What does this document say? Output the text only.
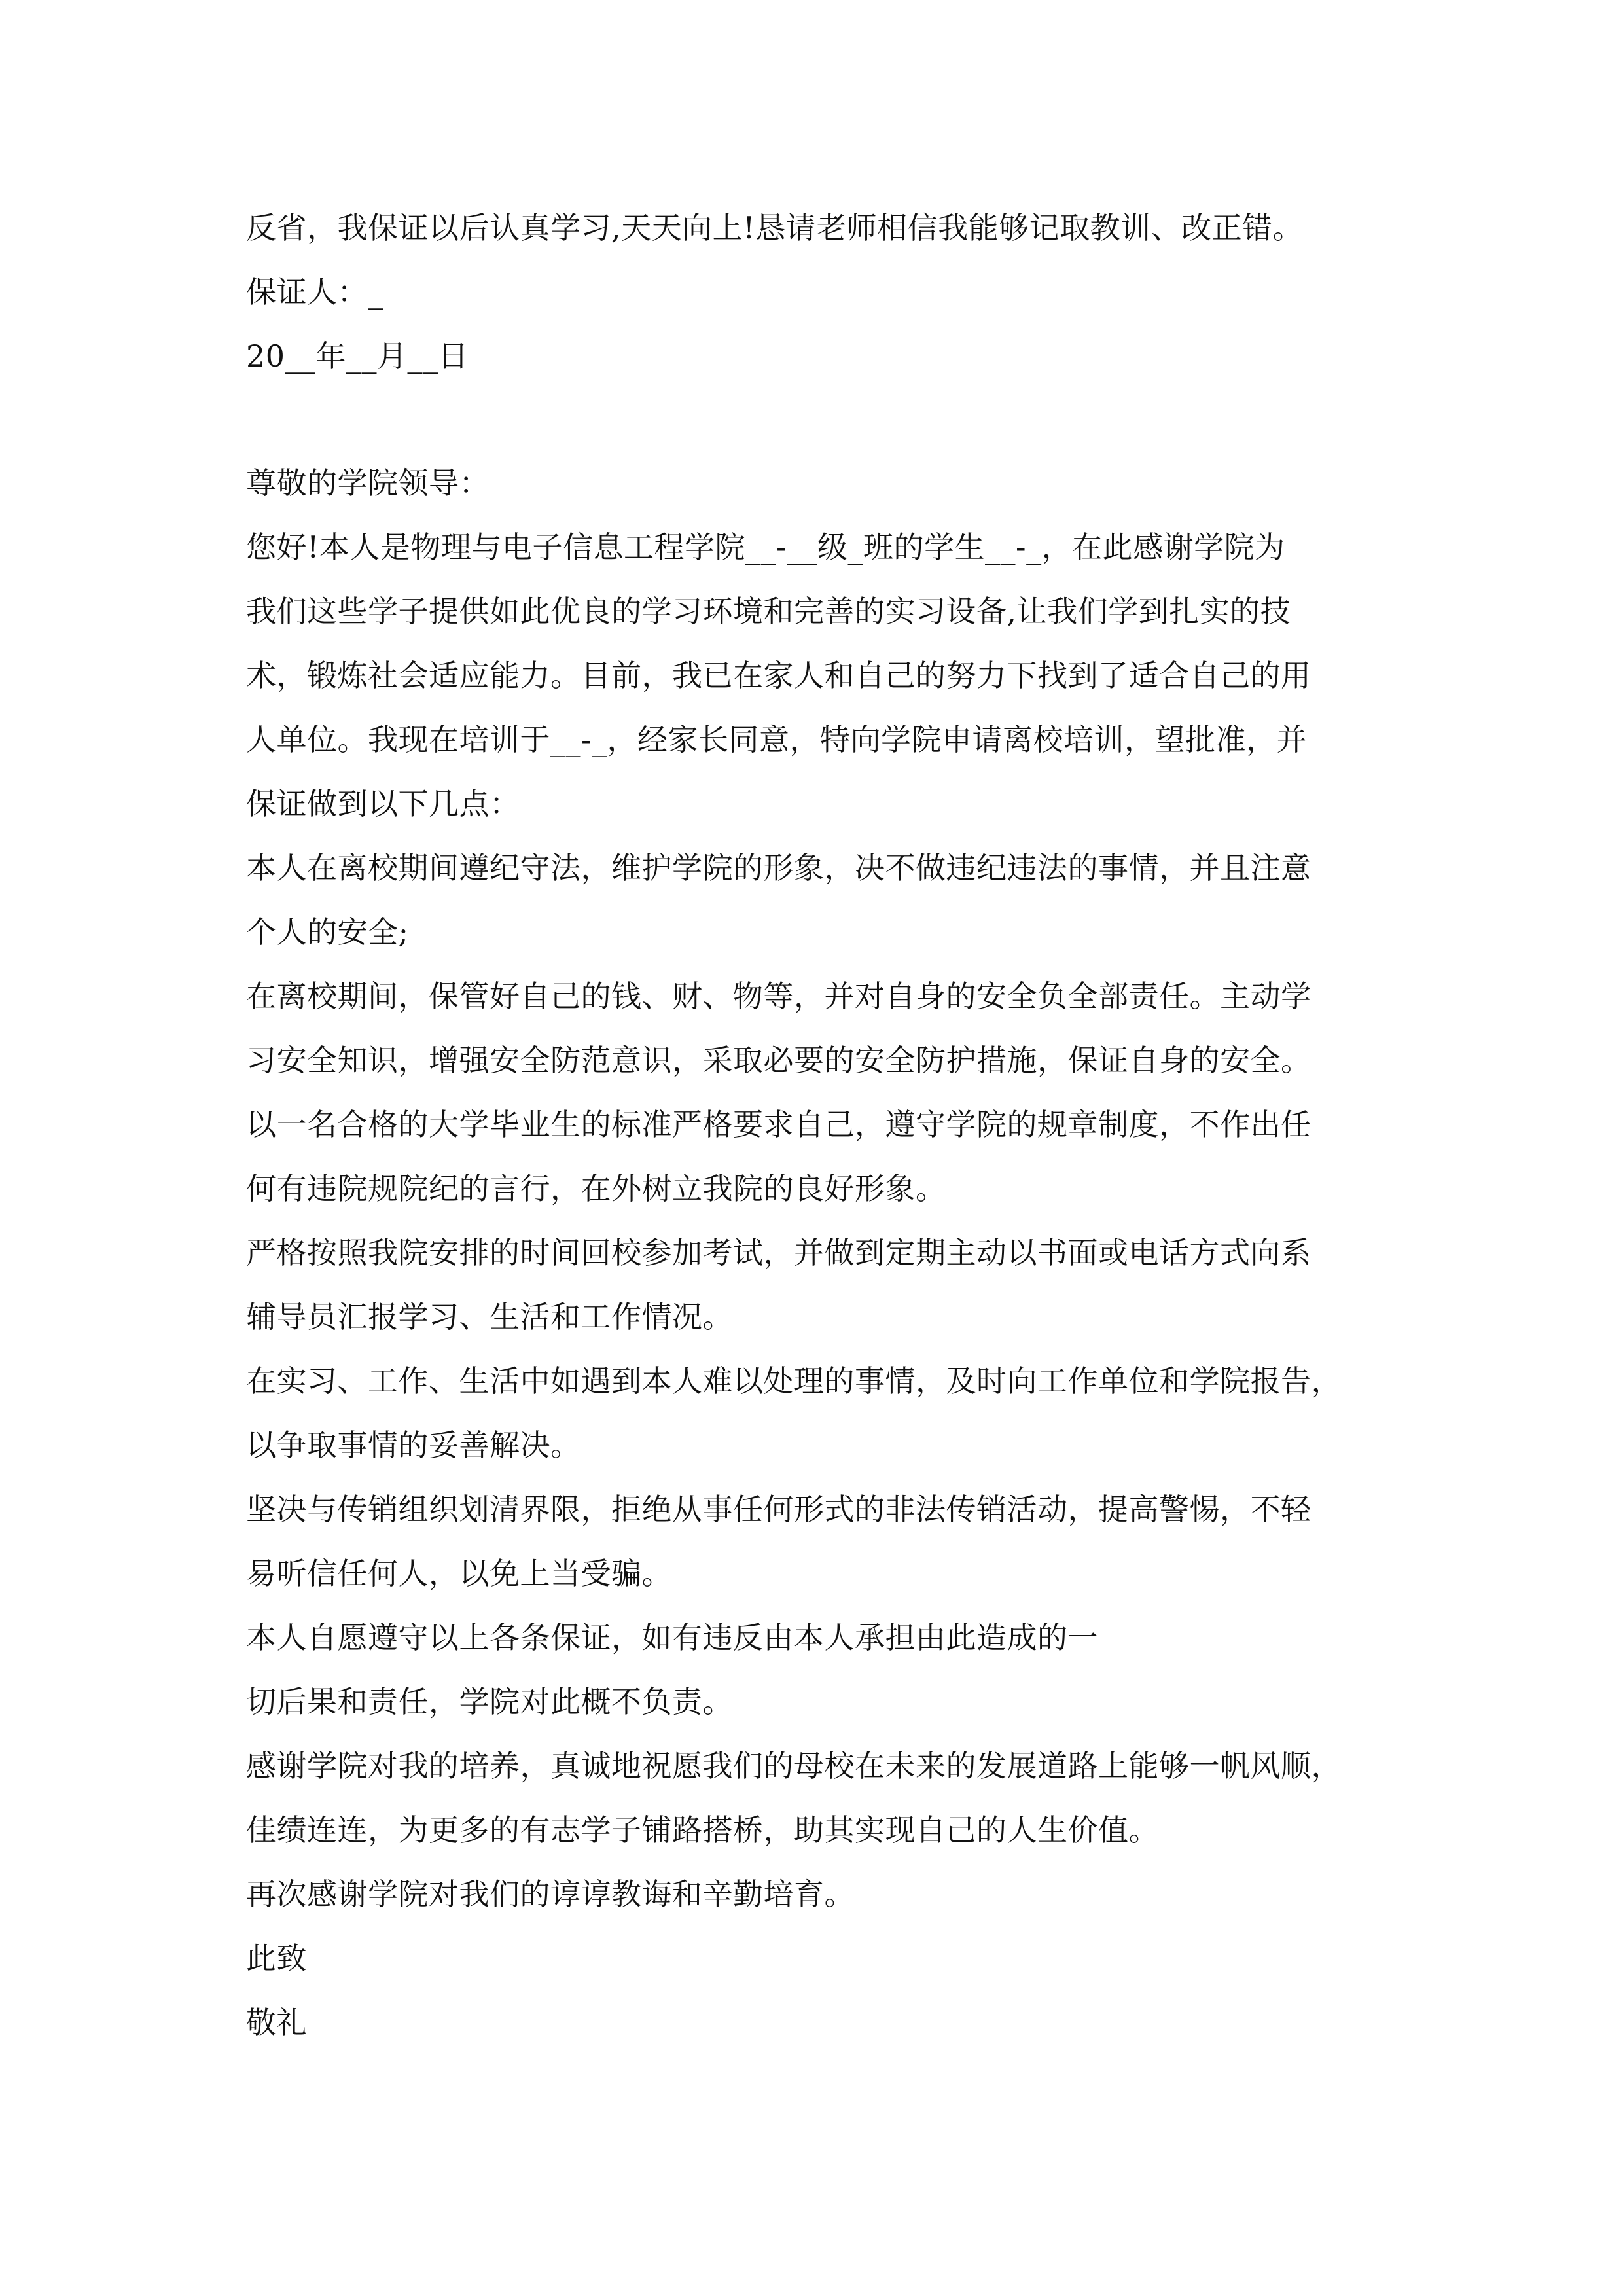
反省，我保证以后认真学习,天天向上!恳请老师相信我能够记取教训、改正错。
保证人：_
20__年__月__日
尊敬的学院领导：
您好!本人是物理与电子信息工程学院__-__级_班的学生__-_，在此感谢学院为
我们这些学子提供如此优良的学习环境和完善的实习设备,让我们学到扎实的技
术，锻炼社会适应能力。目前，我已在家人和自己的努力下找到了适合自己的用
人单位。我现在培训于__-_，经家长同意，特向学院申请离校培训，望批准，并
保证做到以下几点：
本人在离校期间遵纪守法，维护学院的形象，决不做违纪违法的事情，并且注意
个人的安全;
在离校期间，保管好自己的钱、财、物等，并对自身的安全负全部责任。主动学
习安全知识，增强安全防范意识，采取必要的安全防护措施，保证自身的安全。
以一名合格的大学毕业生的标准严格要求自己，遵守学院的规章制度，不作出任
何有违院规院纪的言行，在外树立我院的良好形象。
严格按照我院安排的时间回校参加考试，并做到定期主动以书面或电话方式向系
辅导员汇报学习、生活和工作情况。
在实习、工作、生活中如遇到本人难以处理的事情，及时向工作单位和学院报告，
以争取事情的妥善解决。
坚决与传销组织划清界限，拒绝从事任何形式的非法传销活动，提高警惕，不轻
易听信任何人，以免上当受骗。
本人自愿遵守以上各条保证，如有违反由本人承担由此造成的一
切后果和责任，学院对此概不负责。
感谢学院对我的培养，真诚地祝愿我们的母校在未来的发展道路上能够一帆风顺，
佳绩连连，为更多的有志学子铺路搭桥，助其实现自己的人生价值。
再次感谢学院对我们的谆谆教诲和辛勤培育。
此致
敬礼
